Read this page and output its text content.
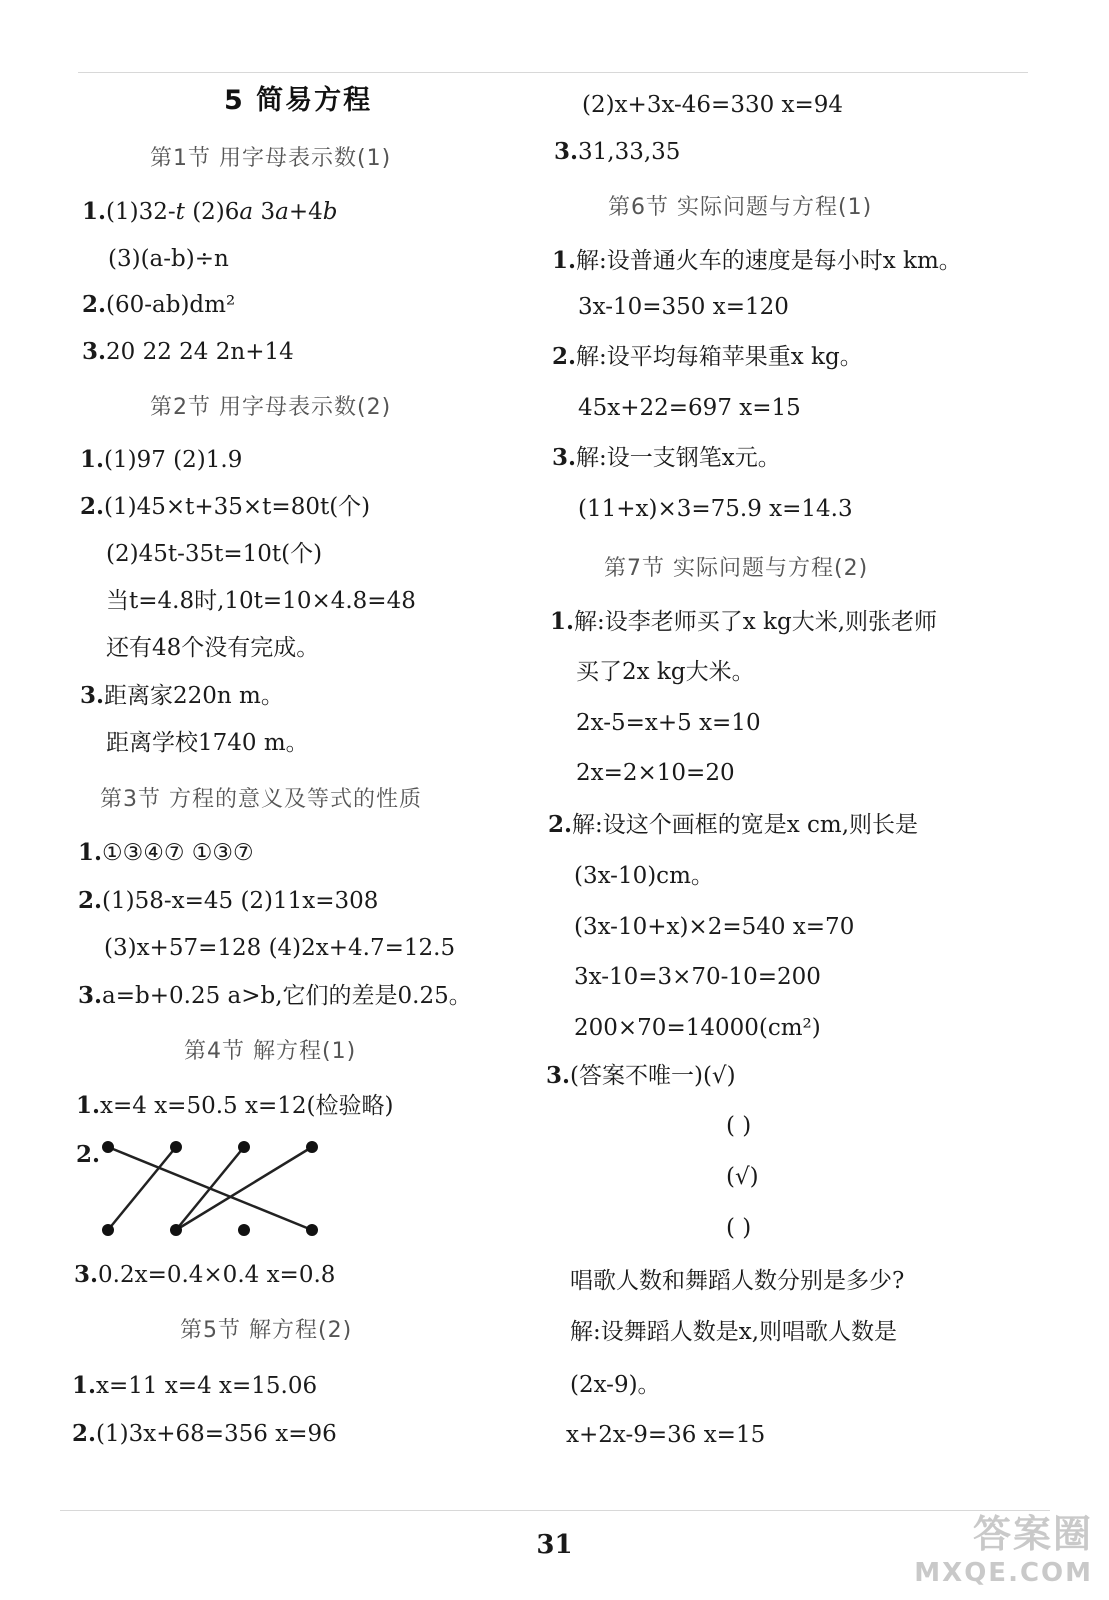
5 简易方程
第1节 用字母表示数(1)
1.(1)32-t (2)6a 3a+4b
(3)(a-b)÷n
2.(60-ab)dm²
3.20 22 24 2n+14
第2节 用字母表示数(2)
1.(1)97 (2)1.9
2.(1)45×t+35×t=80t(个)
(2)45t-35t=10t(个)
当t=4.8时,10t=10×4.8=48
还有48个没有完成。
3.距离家220n m。
距离学校1740 m。
第3节 方程的意义及等式的性质
1.①③④⑦ ①③⑦
2.(1)58-x=45 (2)11x=308
(3)x+57=128 (4)2x+4.7=12.5
3.a=b+0.25 a>b,它们的差是0.25。
第4节 解方程(1)
1.x=4 x=50.5 x=12(检验略)
2.
3.0.2x=0.4×0.4 x=0.8
第5节 解方程(2)
1.x=11 x=4 x=15.06
2.(1)3x+68=356 x=96
(2)x+3x-46=330 x=94
3.31,33,35
第6节 实际问题与方程(1)
1.解:设普通火车的速度是每小时x km。
3x-10=350 x=120
2.解:设平均每箱苹果重x kg。
45x+22=697 x=15
3.解:设一支钢笔x元。
(11+x)×3=75.9 x=14.3
第7节 实际问题与方程(2)
1.解:设李老师买了x kg大米,则张老师
买了2x kg大米。
2x-5=x+5 x=10
2x=2×10=20
2.解:设这个画框的宽是x cm,则长是
(3x-10)cm。
(3x-10+x)×2=540 x=70
3x-10=3×70-10=200
200×70=14000(cm²)
3.(答案不唯一)(√)
( )
(√)
( )
唱歌人数和舞蹈人数分别是多少?
解:设舞蹈人数是x,则唱歌人数是
(2x-9)。
x+2x-9=36 x=15
31	答案圈
MXQE.COM
